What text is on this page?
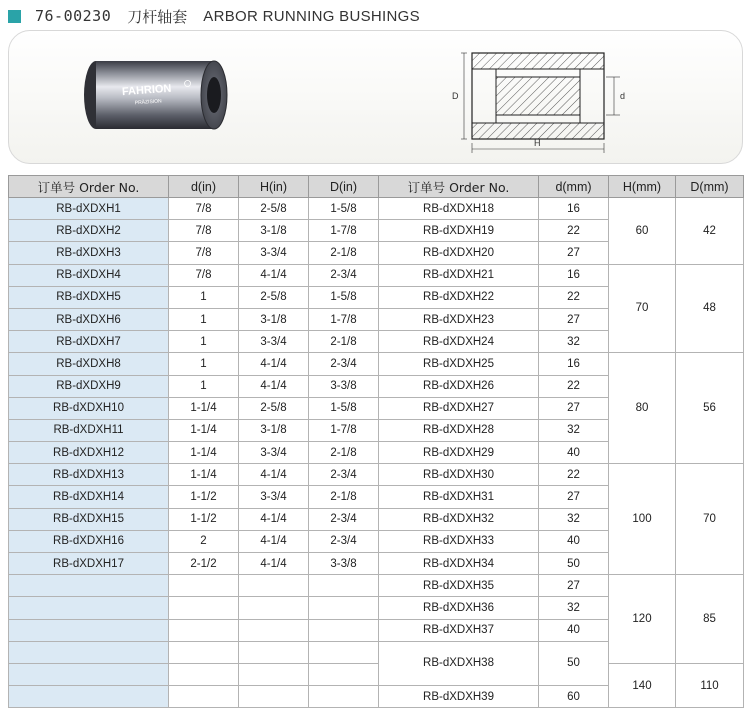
76-00230 刀杆轴套 ARBOR RUNNING BUSHINGS
FAHRION
PRÄZISION
D	d
H
订单号 Order No.	d(in)	H(in)	D(in)	订单号 Order No.	d(mm)	H(mm)	D(mm)
RB-dXDXH1	7/8	2-5/8	1-5/8	RB-dXDXH18	16	60	42
RB-dXDXH2	7/8	3-1/8	1-7/8	RB-dXDXH19	22		
RB-dXDXH3	7/8	3-3/4	2-1/8	RB-dXDXH20	27		
RB-dXDXH4	7/8	4-1/4	2-3/4	RB-dXDXH21	16	70	48
RB-dXDXH5	1	2-5/8	1-5/8	RB-dXDXH22	22		
RB-dXDXH6	1	3-1/8	1-7/8	RB-dXDXH23	27		
RB-dXDXH7	1	3-3/4	2-1/8	RB-dXDXH24	32		
RB-dXDXH8	1	4-1/4	2-3/4	RB-dXDXH25	16	80	56
RB-dXDXH9	1	4-1/4	3-3/8	RB-dXDXH26	22		
RB-dXDXH10	1-1/4	2-5/8	1-5/8	RB-dXDXH27	27		
RB-dXDXH11	1-1/4	3-1/8	1-7/8	RB-dXDXH28	32		
RB-dXDXH12	1-1/4	3-3/4	2-1/8	RB-dXDXH29	40		
RB-dXDXH13	1-1/4	4-1/4	2-3/4	RB-dXDXH30	22	100	70
RB-dXDXH14	1-1/2	3-3/4	2-1/8	RB-dXDXH31	27		
RB-dXDXH15	1-1/2	4-1/4	2-3/4	RB-dXDXH32	32		
RB-dXDXH16	2	4-1/4	2-3/4	RB-dXDXH33	40		
RB-dXDXH17	2-1/2	4-1/4	3-3/8	RB-dXDXH34	50		
				RB-dXDXH35	27	120	85
				RB-dXDXH36	32		
				RB-dXDXH37	40		
				RB-dXDXH38	50		
						140	110
				RB-dXDXH39	60		
